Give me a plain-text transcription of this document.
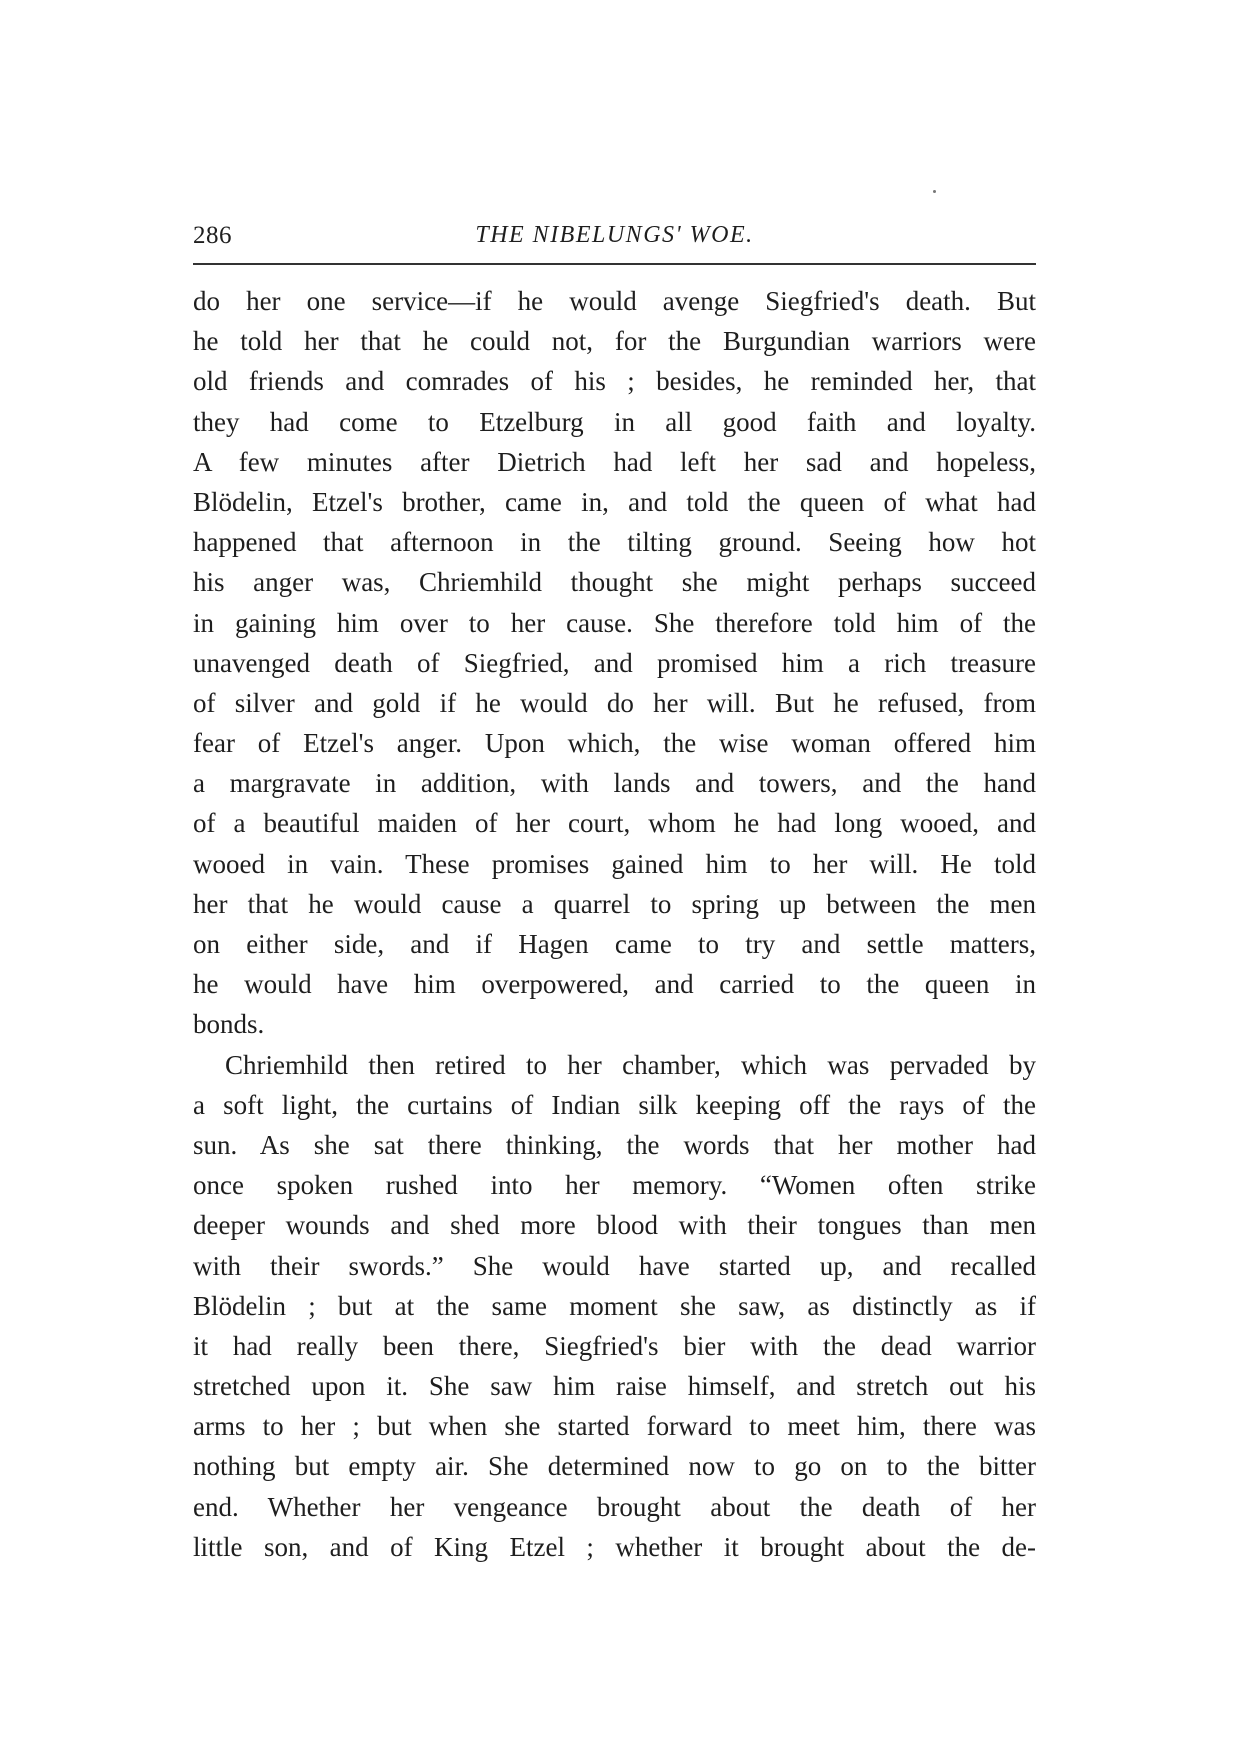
286	THE NIBELUNGS' WOE.
do her one service—if he would avenge Siegfried's death. But
he told her that he could not, for the Burgundian warriors were
old friends and comrades of his ; besides, he reminded her, that
they had come to Etzelburg in all good faith and loyalty.
A few minutes after Dietrich had left her sad and hopeless,
Blödelin, Etzel's brother, came in, and told the queen of what had
happened that afternoon in the tilting ground. Seeing how hot
his anger was, Chriemhild thought she might perhaps succeed
in gaining him over to her cause. She therefore told him of the
unavenged death of Siegfried, and promised him a rich treasure
of silver and gold if he would do her will. But he refused, from
fear of Etzel's anger. Upon which, the wise woman offered him
a margravate in addition, with lands and towers, and the hand
of a beautiful maiden of her court, whom he had long wooed, and
wooed in vain. These promises gained him to her will. He told
her that he would cause a quarrel to spring up between the men
on either side, and if Hagen came to try and settle matters,
he would have him overpowered, and carried to the queen in
bonds.
Chriemhild then retired to her chamber, which was pervaded by
a soft light, the curtains of Indian silk keeping off the rays of the
sun. As she sat there thinking, the words that her mother had
once spoken rushed into her memory. “Women often strike
deeper wounds and shed more blood with their tongues than men
with their swords.” She would have started up, and recalled
Blödelin ; but at the same moment she saw, as distinctly as if
it had really been there, Siegfried's bier with the dead warrior
stretched upon it. She saw him raise himself, and stretch out his
arms to her ; but when she started forward to meet him, there was
nothing but empty air. She determined now to go on to the bitter
end. Whether her vengeance brought about the death of her
little son, and of King Etzel ; whether it brought about the de-
